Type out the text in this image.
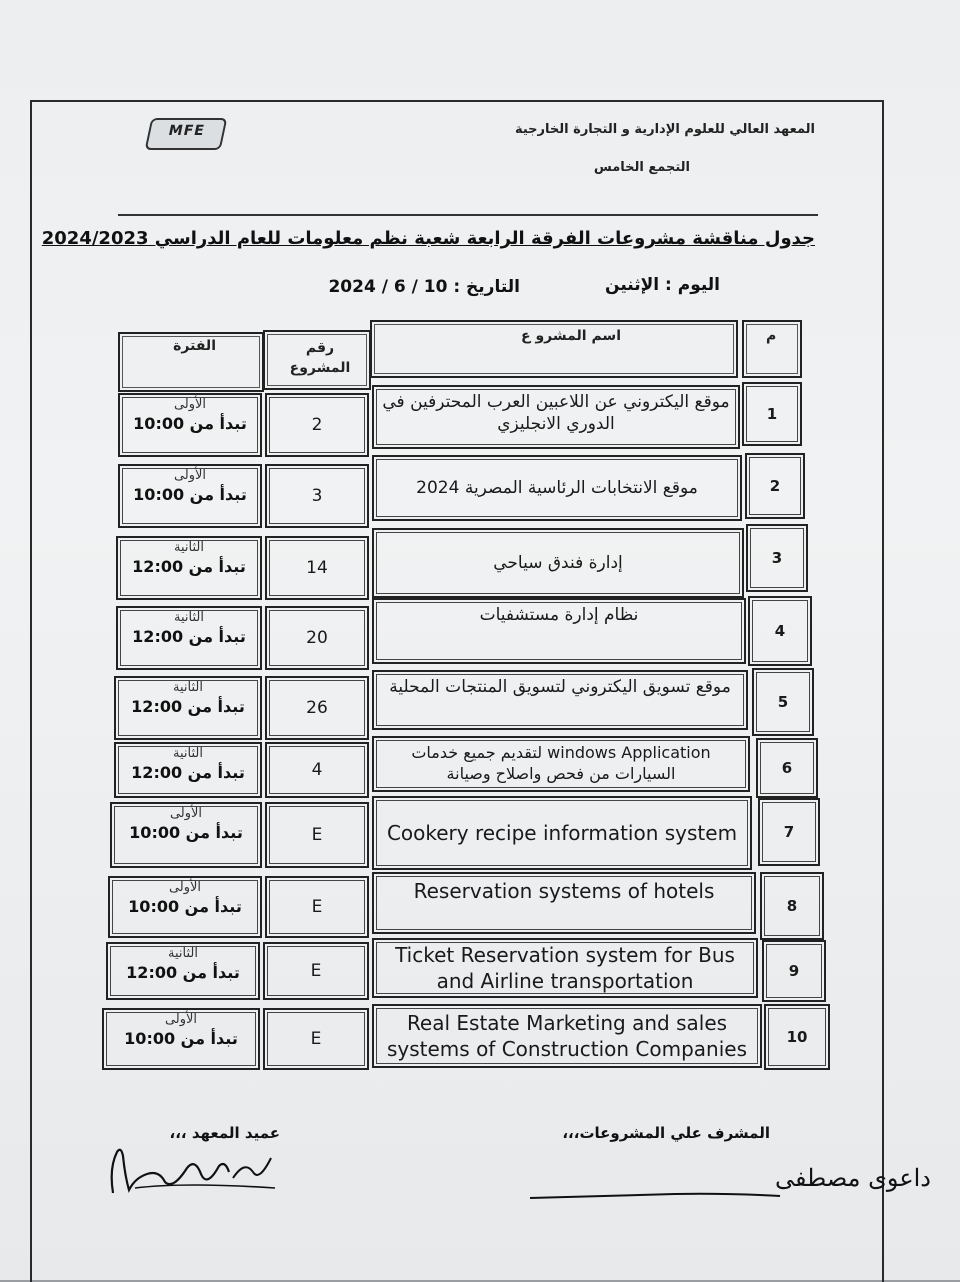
المعهد العالي للعلوم الإدارية و التجارة الخارجية
التجمع الخامس
MFE
جدول مناقشة مشروعات الفرقة الرابعة شعبة نظم معلومات للعام الدراسي 2024/2023
اليوم : الإثنين
التاريخ : 10 / 6 / 2024
م
اسم المشرو ع
رقم المشروع
الفترة
1
موقع اليكتروني عن اللاعبين العرب المحترفين في الدوري الانجليزي
2
الأولى
تبدأ من 10:00
2
موقع الانتخابات الرئاسية المصرية 2024
3
الأولى
تبدأ من 10:00
3
إدارة فندق سياحي
14
الثانية
تبدأ من 12:00
4
نظام إدارة مستشفيات
20
الثانية
تبدأ من 12:00
5
موقع تسويق اليكتروني لتسويق المنتجات المحلية
26
الثانية
تبدأ من 12:00
6
windows Application لتقديم جميع خدمات السيارات من فحص واصلاح وصيانة
4
الثانية
تبدأ من 12:00
7
Cookery recipe information system
E
الأولى
تبدأ من 10:00
8
Reservation systems of hotels
E
الأولى
تبدأ من 10:00
9
Ticket Reservation system for Bus and Airline transportation
E
الثانية
تبدأ من 12:00
10
Real Estate Marketing and sales systems of Construction Companies
E
الأولى
تبدأ من 10:00
المشرف علي المشروعات،،،
عميد المعهد ،،،
داعوى مصطفى
